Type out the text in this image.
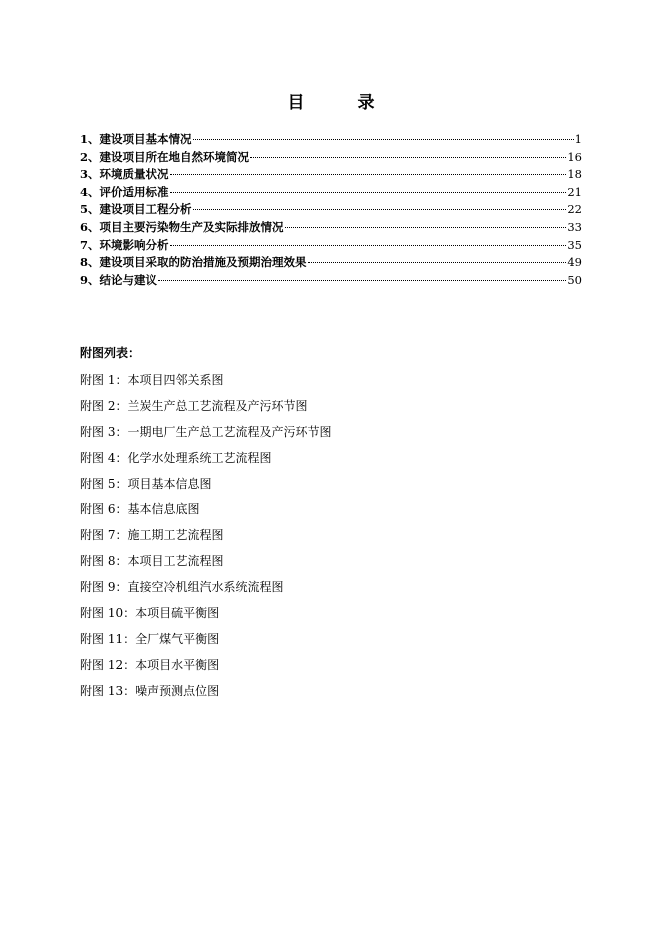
目　录
1、建设项目基本情况	1
2、建设项目所在地自然环境简况	16
3、环境质量状况	18
4、评价适用标准	21
5、建设项目工程分析	22
6、项目主要污染物生产及实际排放情况	33
7、环境影响分析	35
8、建设项目采取的防治措施及预期治理效果	49
9、结论与建议	50
附图列表：
附图 1：本项目四邻关系图
附图 2：兰炭生产总工艺流程及产污环节图
附图 3：一期电厂生产总工艺流程及产污环节图
附图 4：化学水处理系统工艺流程图
附图 5：项目基本信息图
附图 6：基本信息底图
附图 7：施工期工艺流程图
附图 8：本项目工艺流程图
附图 9：直接空冷机组汽水系统流程图
附图 10：本项目硫平衡图
附图 11：全厂煤气平衡图
附图 12：本项目水平衡图
附图 13：噪声预测点位图
